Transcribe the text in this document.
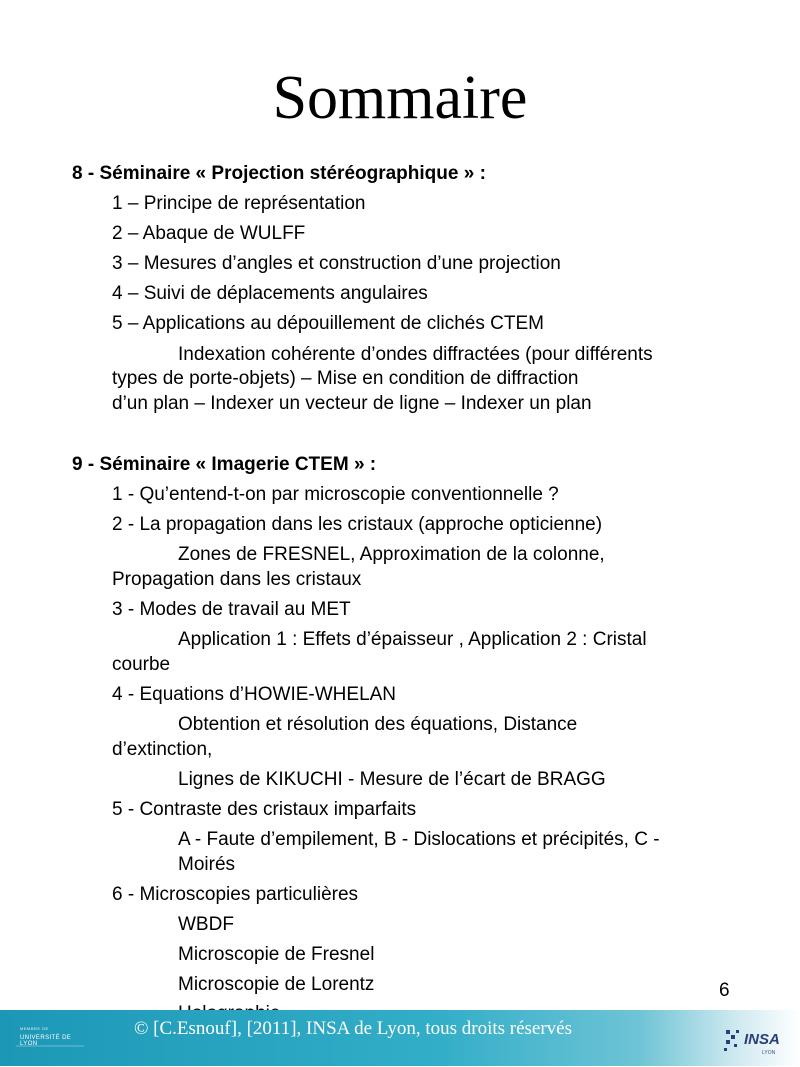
Sommaire
8 - Séminaire « Projection stéréographique » :
1 – Principe de représentation
2 – Abaque de WULFF
3 – Mesures d’angles et construction d’une projection
4 – Suivi de déplacements angulaires
5 – Applications au dépouillement de clichés CTEM
Indexation cohérente d’ondes diffractées (pour différents
types de porte-objets) – Mise en condition de diffraction
d’un plan – Indexer un vecteur de ligne – Indexer un plan
9 - Séminaire « Imagerie CTEM » :
1 - Qu’entend-t-on par microscopie conventionnelle ?
2 - La propagation dans les cristaux (approche opticienne)
Zones de FRESNEL, Approximation de la colonne,
Propagation dans les cristaux
3 - Modes de travail au MET
Application 1 : Effets d’épaisseur , Application 2 : Cristal
courbe
4 - Equations d’HOWIE-WHELAN
Obtention et résolution des équations, Distance
d’extinction,
Lignes de KIKUCHI - Mesure de l’écart de BRAGG
5 - Contraste des cristaux imparfaits
A - Faute d’empilement, B - Dislocations et précipités, C -
Moirés
6 - Microscopies particulières
WBDF
Microscopie de Fresnel
Microscopie de Lorentz	6
MEMBRE DE
UNIVERSITÉ DE LYON
© [C.Esnouf], [2011], INSA de Lyon, tous droits réservés
INSA
LYON
